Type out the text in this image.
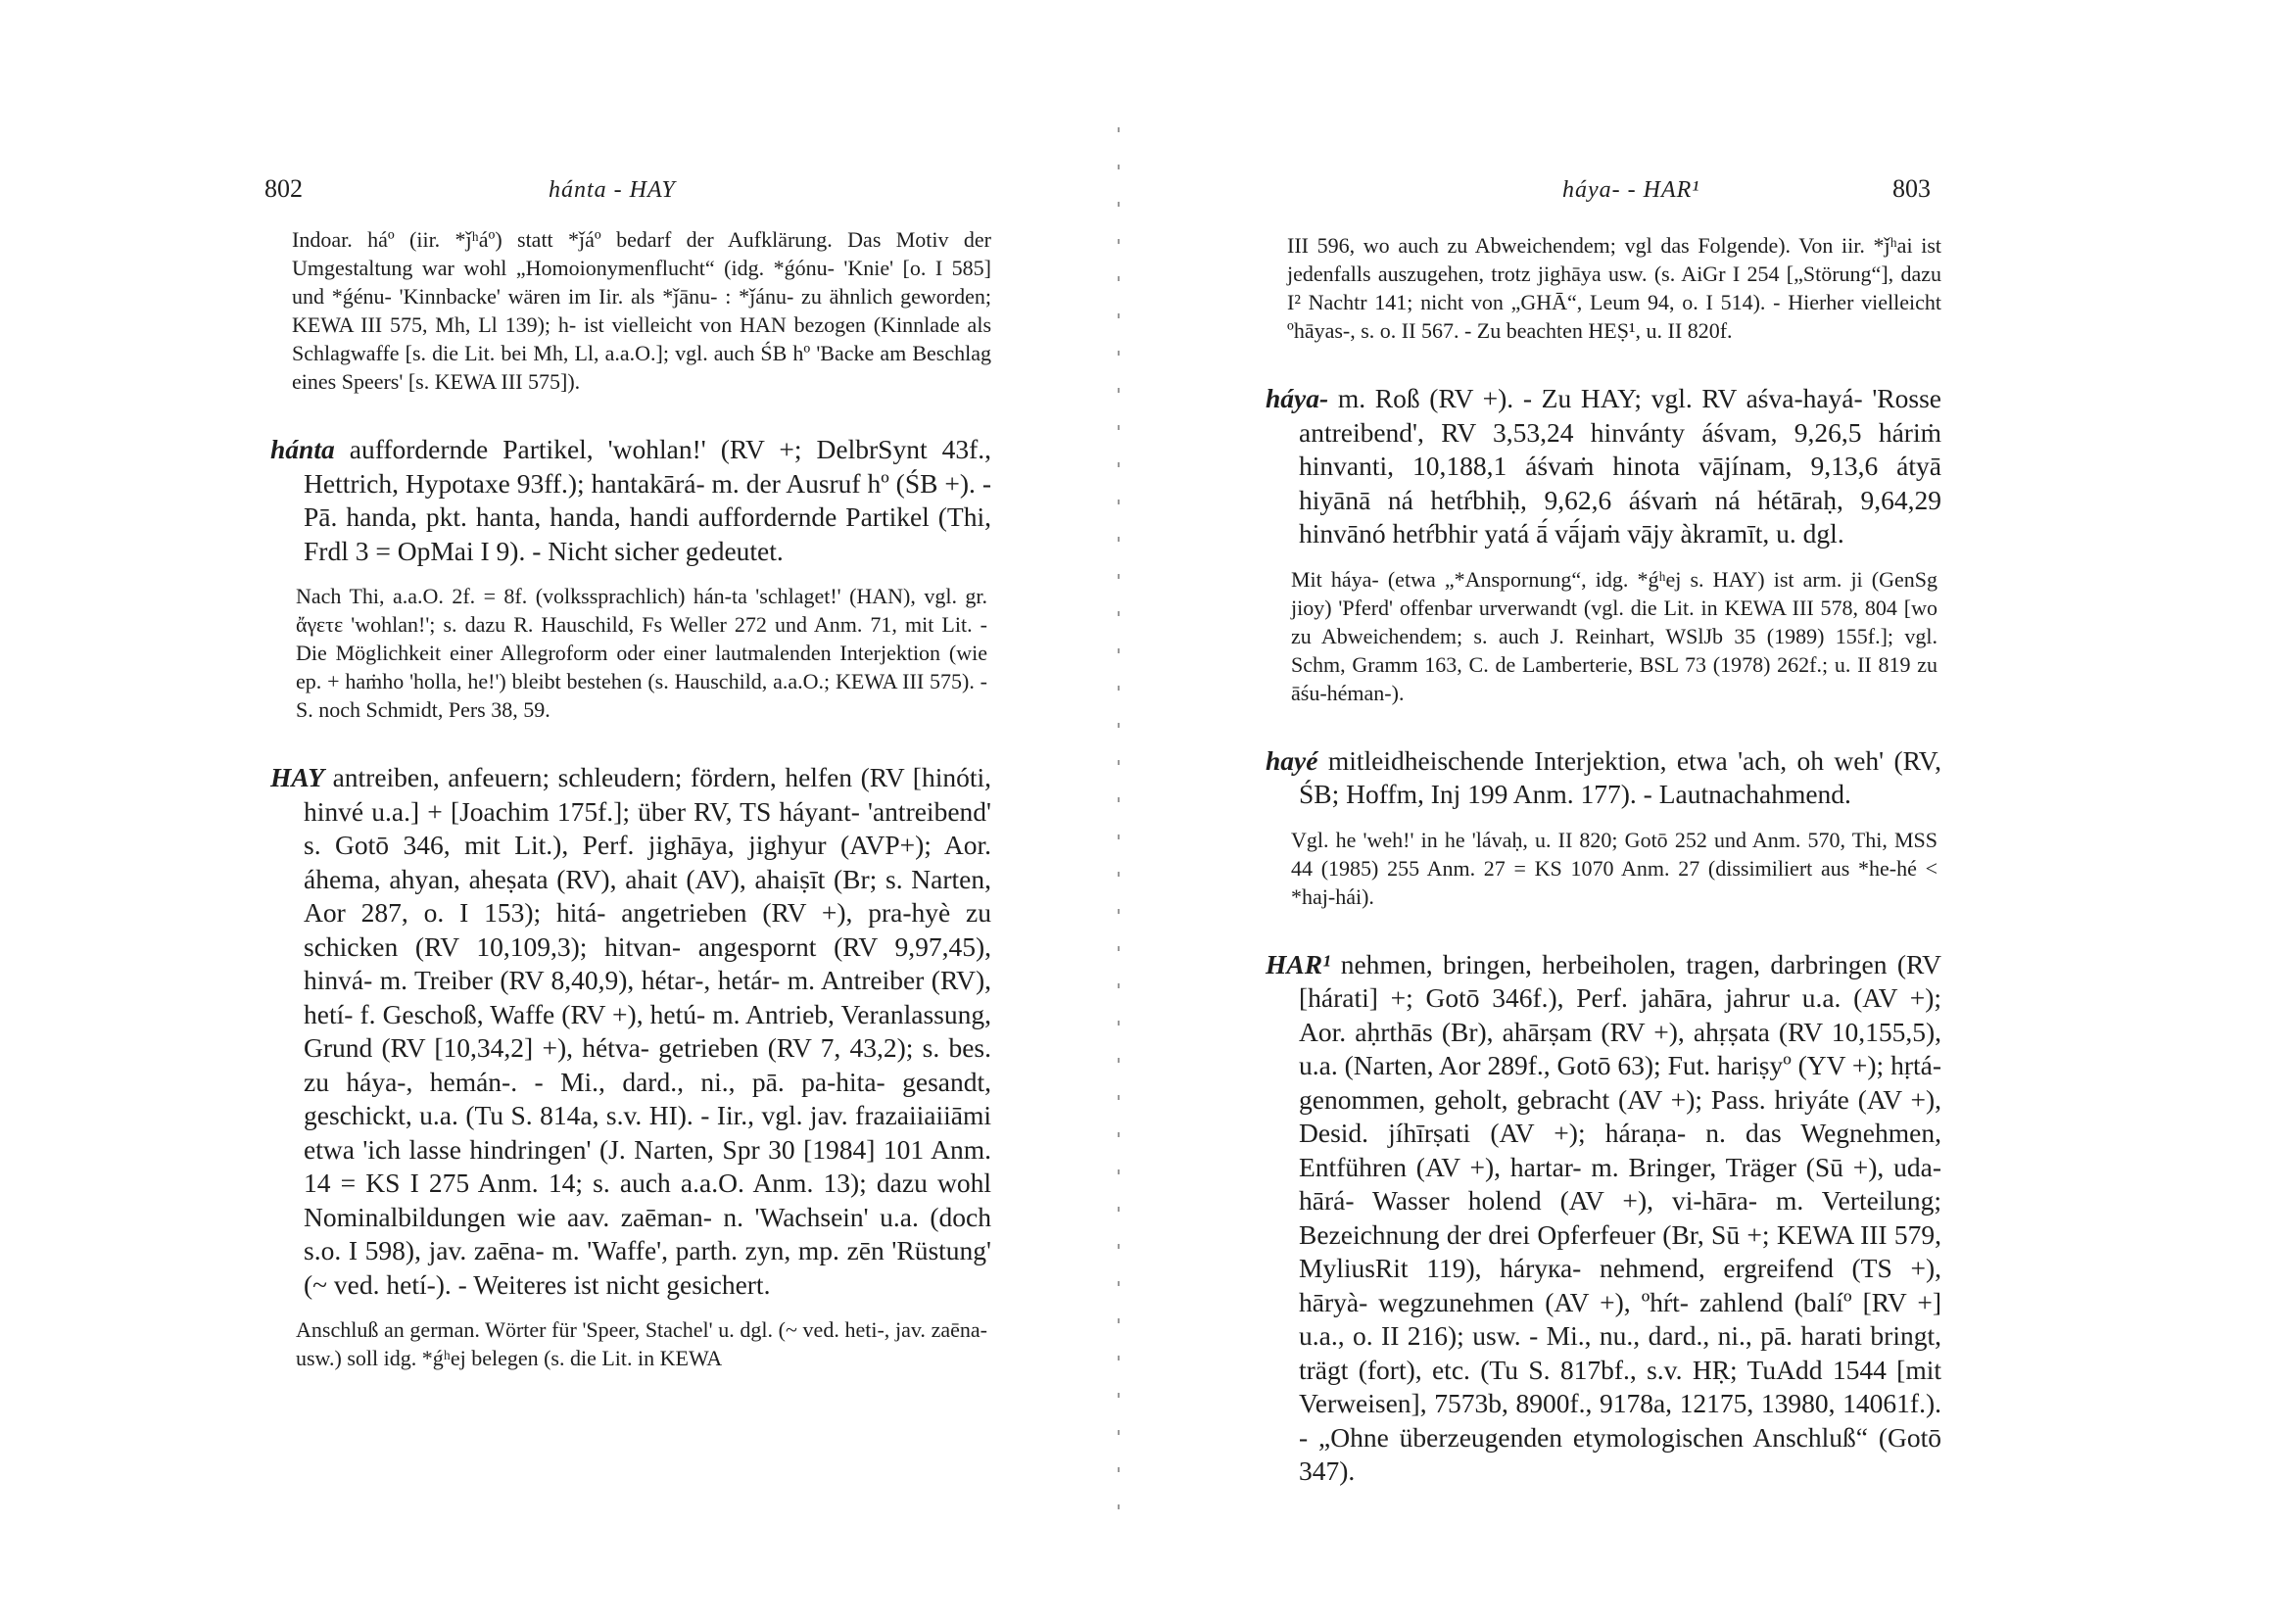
802	hánta - HAY

Indoar. háº (iir. *ǰʰáº) statt *ǰáº bedarf der Aufklärung. Das Motiv der Umgestaltung war wohl „Homoionymenflucht“ (idg. *ǵónu- 'Knie' [o. I 585] und *ǵénu- 'Kinnbacke' wären im Iir. als *ǰānu- : *ǰánu- zu ähnlich geworden; KEWA III 575, Mh, Ll 139); h- ist vielleicht von HAN bezogen (Kinnlade als Schlagwaffe [s. die Lit. bei Mh, Ll, a.a.O.]; vgl. auch ŚB hº 'Backe am Beschlag eines Speers' [s. KEWA III 575]).

hánta auffordernde Partikel, 'wohlan!' (RV +; DelbrSynt 43f., Hettrich, Hypotaxe 93ff.); hantakārá- m. der Ausruf hº (ŚB +). - Pā. handa, pkt. hanta, handa, handi auffordernde Partikel (Thi, Frdl 3 = OpMai I 9). - Nicht sicher gedeutet.

Nach Thi, a.a.O. 2f. = 8f. (volkssprachlich) hán-ta 'schlaget!' (HAN), vgl. gr. ἄγετε 'wohlan!'; s. dazu R. Hauschild, Fs Weller 272 und Anm. 71, mit Lit. - Die Möglichkeit einer Allegroform oder einer lautmalenden Interjektion (wie ep. + haṁho 'holla, he!') bleibt bestehen (s. Hauschild, a.a.O.; KEWA III 575). - S. noch Schmidt, Pers 38, 59.

HAY antreiben, anfeuern; schleudern; fördern, helfen (RV [hinóti, hinvé u.a.] + [Joachim 175f.]; über RV, TS háyant- 'antreibend' s. Gotō 346, mit Lit.), Perf. jighāya, jighyur (AVP+); Aor. áhema, ahyan, aheṣata (RV), ahait (AV), ahaiṣīt (Br; s. Narten, Aor 287, o. I 153); hitá- angetrieben (RV +), pra-hyè zu schicken (RV 10,109,3); hitvan- angespornt (RV 9,97,45), hinvá- m. Treiber (RV 8,40,9), hétar-, hetár- m. Antreiber (RV), hetí- f. Geschoß, Waffe (RV +), hetú- m. Antrieb, Veranlassung, Grund (RV [10,34,2] +), hétva- getrieben (RV 7, 43,2); s. bes. zu háya-, hemán-. - Mi., dard., ni., pā. pa-hita- gesandt, geschickt, u.a. (Tu S. 814a, s.v. HI). - Iir., vgl. jav. frazaiiaiiāmi etwa 'ich lasse hindringen' (J. Narten, Spr 30 [1984] 101 Anm. 14 = KS I 275 Anm. 14; s. auch a.a.O. Anm. 13); dazu wohl Nominalbildungen wie aav. zaēman- n. 'Wachsein' u.a. (doch s.o. I 598), jav. zaēna- m. 'Waffe', parth. zyn, mp. zēn 'Rüstung' (~ ved. hetí-). - Weiteres ist nicht gesichert.

Anschluß an german. Wörter für 'Speer, Stachel' u. dgl. (~ ved. heti-, jav. zaēna- usw.) soll idg. *ǵʰej belegen (s. die Lit. in KEWA

háya- - HAR¹	803

III 596, wo auch zu Abweichendem; vgl das Folgende). Von iir. *ǰʰai ist jedenfalls auszugehen, trotz jighāya usw. (s. AiGr I 254 [„Störung“], dazu I² Nachtr 141; nicht von „GHĀ“, Leum 94, o. I 514). - Hierher vielleicht ºhāyas-, s. o. II 567. - Zu beachten HEṢ¹, u. II 820f.

háya- m. Roß (RV +). - Zu HAY; vgl. RV aśva-hayá- 'Rosse antreibend', RV 3,53,24 hinvánty áśvam, 9,26,5 háriṁ hinvanti, 10,188,1 áśvaṁ hinota vājínam, 9,13,6 átyā hiyānā ná hetŕbhiḥ, 9,62,6 áśvaṁ ná hétāraḥ, 9,64,29 hinvānó hetŕbhir yatá ā́ vā́jaṁ vājy àkramīt, u. dgl.

Mit háya- (etwa „*Anspornung“, idg. *ǵʰej s. HAY) ist arm. ji (GenSg jioy) 'Pferd' offenbar urverwandt (vgl. die Lit. in KEWA III 578, 804 [wo zu Abweichendem; s. auch J. Reinhart, WSlJb 35 (1989) 155f.]; vgl. Schm, Gramm 163, C. de Lamberterie, BSL 73 (1978) 262f.; u. II 819 zu āśu-héman-).

hayé mitleidheischende Interjektion, etwa 'ach, oh weh' (RV, ŚB; Hoffm, Inj 199 Anm. 177). - Lautnachahmend.

Vgl. he 'weh!' in he 'lávaḥ, u. II 820; Gotō 252 und Anm. 570, Thi, MSS 44 (1985) 255 Anm. 27 = KS 1070 Anm. 27 (dissimiliert aus *he-hé < *haj-hái).

HAR¹ nehmen, bringen, herbeiholen, tragen, darbringen (RV [hárati] +; Gotō 346f.), Perf. jahāra, jahrur u.a. (AV +); Aor. aḥrthās (Br), ahārṣam (RV +), ahṛṣata (RV 10,155,5), u.a. (Narten, Aor 289f., Gotō 63); Fut. hariṣyº (YV +); hṛtá- genommen, geholt, gebracht (AV +); Pass. hriyáte (AV +), Desid. jíhīrṣati (AV +); háraṇa- n. das Wegnehmen, Entführen (AV +), hartar- m. Bringer, Träger (Sū +), uda-hārá- Wasser holend (AV +), vi-hāra- m. Verteilung; Bezeichnung der drei Opferfeuer (Br, Sū +; KEWA III 579, MyliusRit 119), hárука- nehmend, ergreifend (TS +), hāryà- wegzunehmen (AV +), ºhŕt- zahlend (balíº [RV +] u.a., o. II 216); usw. - Mi., nu., dard., ni., pā. harati bringt, trägt (fort), etc. (Tu S. 817bf., s.v. HṚ; TuAdd 1544 [mit Verweisen], 7573b, 8900f., 9178a, 12175, 13980, 14061f.). - „Ohne überzeugenden etymologischen Anschluß“ (Gotō 347).
